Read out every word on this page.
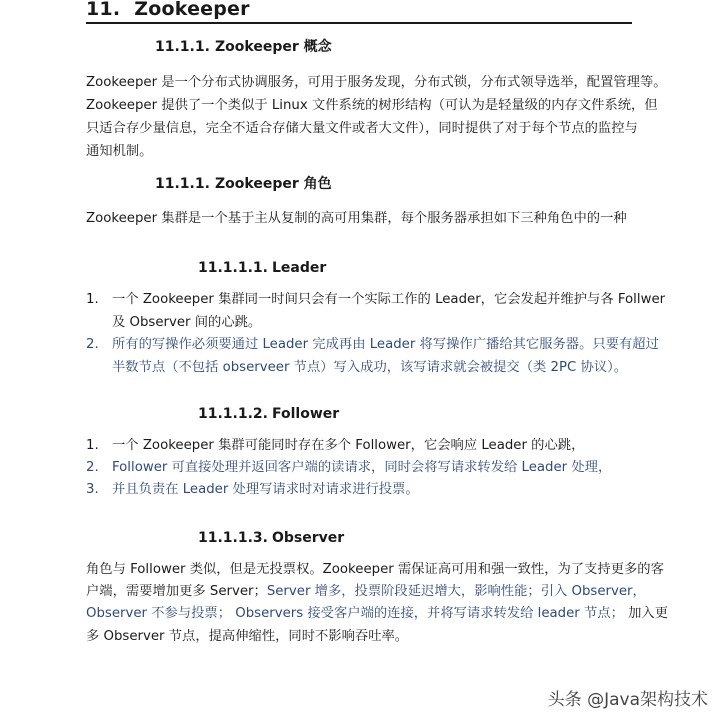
11. Zookeeper
11.1.1. Zookeeper 概念
Zookeeper 是一个分布式协调服务，可用于服务发现，分布式锁，分布式领导选举，配置管理等。
Zookeeper 提供了一个类似于 Linux 文件系统的树形结构（可认为是轻量级的内存文件系统，但
只适合存少量信息，完全不适合存储大量文件或者大文件），同时提供了对于每个节点的监控与
通知机制。
11.1.1. Zookeeper 角色
Zookeeper 集群是一个基于主从复制的高可用集群，每个服务器承担如下三种角色中的一种
11.1.1.1. Leader
1. 一个 Zookeeper 集群同一时间只会有一个实际工作的 Leader，它会发起并维护与各 Follwer
及 Observer 间的心跳。
2. 所有的写操作必须要通过 Leader 完成再由 Leader 将写操作广播给其它服务器。只要有超过
半数节点（不包括 observeer 节点）写入成功，该写请求就会被提交（类 2PC 协议）。
11.1.1.2. Follower
1. 一个 Zookeeper 集群可能同时存在多个 Follower，它会响应 Leader 的心跳，
2. Follower 可直接处理并返回客户端的读请求，同时会将写请求转发给 Leader 处理，
3. 并且负责在 Leader 处理写请求时对请求进行投票。
11.1.1.3. Observer
角色与 Follower 类似，但是无投票权。Zookeeper 需保证高可用和强一致性，为了支持更多的客
户端，需要增加更多 Server；Server 增多，投票阶段延迟增大，影响性能；引入 Observer，
Observer 不参与投票； Observers 接受客户端的连接，并将写请求转发给 leader 节点； 加入更
多 Observer 节点，提高伸缩性，同时不影响吞吐率。
头条 @Java架构技术
